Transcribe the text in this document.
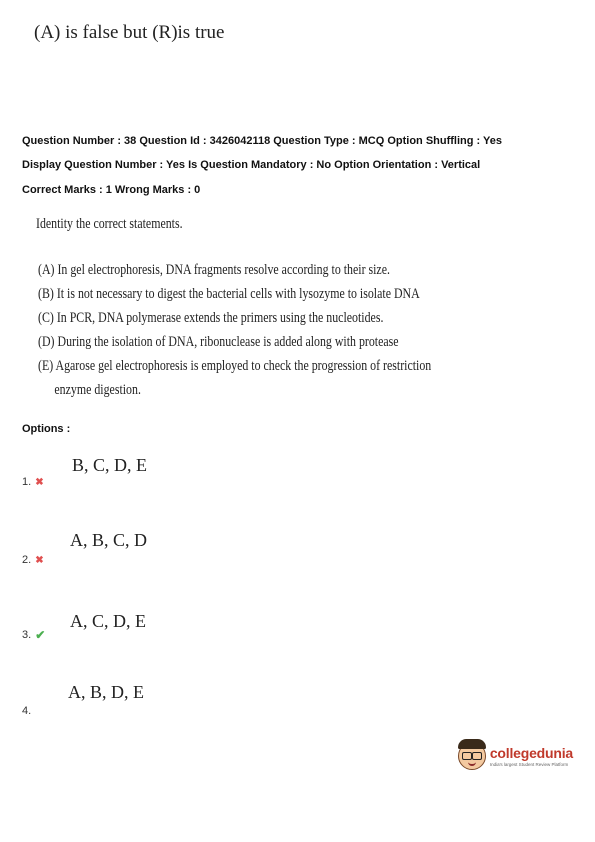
(A) is false but (R)is true
Question Number : 38 Question Id : 3426042118 Question Type : MCQ Option Shuffling : Yes
Display Question Number : Yes Is Question Mandatory : No Option Orientation : Vertical
Correct Marks : 1 Wrong Marks : 0
Identity the correct statements.
(A) In gel electrophoresis, DNA fragments resolve according to their size.
(B) It is not necessary to digest the bacterial cells with lysozyme to isolate DNA
(C) In PCR, DNA polymerase extends the primers using the nucleotides.
(D) During the isolation of DNA, ribonuclease is added along with protease
(E) Agarose gel electrophoresis is employed to check the progression of restriction
enzyme digestion.
Options :
B, C, D, E
1. ✖
A, B, C, D
2. ✖
A, C, D, E
3. ✔
A, B, D, E
4.
collegedunia
India's largest Student Review Platform
